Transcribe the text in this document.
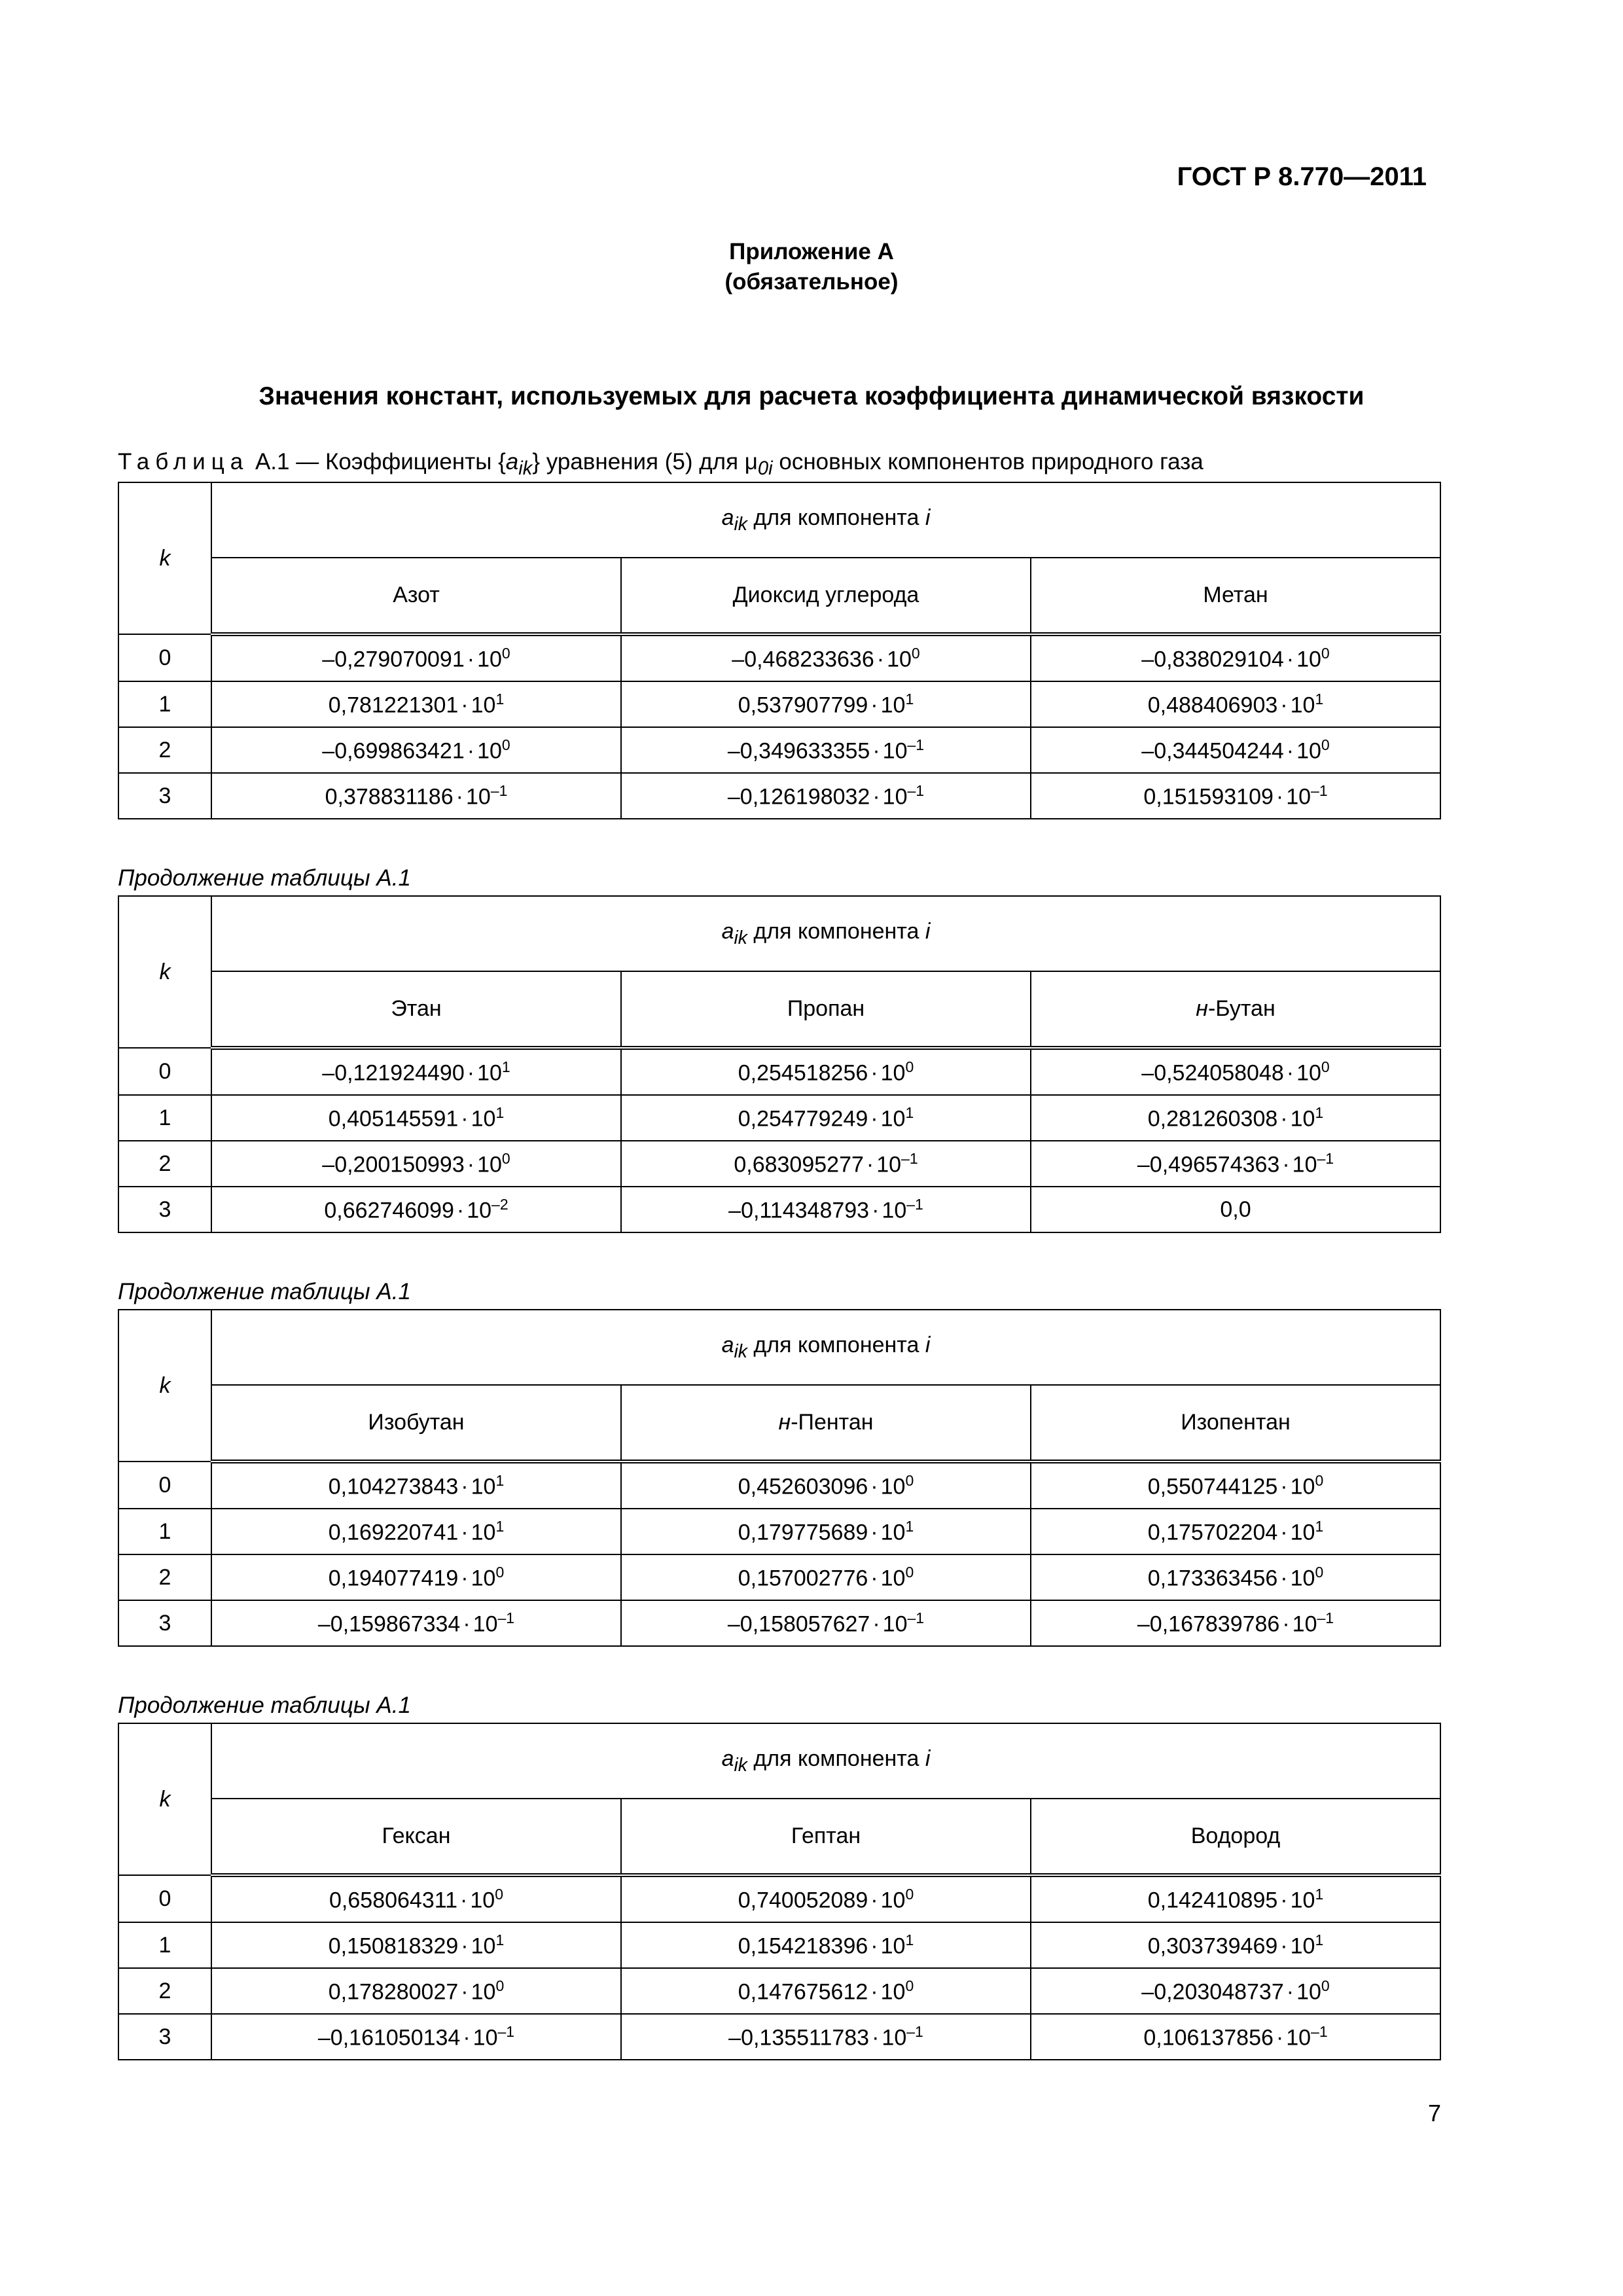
ГОСТ Р 8.770—2011
Приложение А
(обязательное)
Значения констант, используемых для расчета коэффициента динамической вязкости
Таблица А.1 — Коэффициенты $\{a_{ik}\}$ уравнения (5) для $\mu_{0i}$ основных компонентов природного газа
k	$a_{ik}$ для компонента i		
	Азот	Диоксид углерода	Метан
0	$-0,279070091 \cdot 10^0$	$-0,468233636 \cdot 10^0$	$-0,838029104 \cdot 10^0$
1	$0,781221301 \cdot 10^1$	$0,537907799 \cdot 10^1$	$0,488406903 \cdot 10^1$
2	$-0,699863421 \cdot 10^0$	$-0,349633355 \cdot 10^{-1}$	$-0,344504244 \cdot 10^0$
3	$0,378831186 \cdot 10^{-1}$	$-0,126198032 \cdot 10^{-1}$	$0,151593109 \cdot 10^{-1}$
Продолжение таблицы А.1
k	$a_{ik}$ для компонента i		
	Этан	Пропан	н-Бутан
0	$-0,121924490 \cdot 10^1$	$0,254518256 \cdot 10^0$	$-0,524058048 \cdot 10^0$
1	$0,405145591 \cdot 10^1$	$0,254779249 \cdot 10^1$	$0,281260308 \cdot 10^1$
2	$-0,200150993 \cdot 10^0$	$0,683095277 \cdot 10^{-1}$	$-0,496574363 \cdot 10^{-1}$
3	$0,662746099 \cdot 10^{-2}$	$-0,114348793 \cdot 10^{-1}$	0,0
Продолжение таблицы А.1
k	$a_{ik}$ для компонента i		
	Изобутан	н-Пентан	Изопентан
0	$0,104273843 \cdot 10^1$	$0,452603096 \cdot 10^0$	$0,550744125 \cdot 10^0$
1	$0,169220741 \cdot 10^1$	$0,179775689 \cdot 10^1$	$0,175702204 \cdot 10^1$
2	$0,194077419 \cdot 10^0$	$0,157002776 \cdot 10^0$	$0,173363456 \cdot 10^0$
3	$-0,159867334 \cdot 10^{-1}$	$-0,158057627 \cdot 10^{-1}$	$-0,167839786 \cdot 10^{-1}$
Продолжение таблицы А.1
k	$a_{ik}$ для компонента i		
	Гексан	Гептан	Водород
0	$0,658064311 \cdot 10^0$	$0,740052089 \cdot 10^0$	$0,142410895 \cdot 10^1$
1	$0,150818329 \cdot 10^1$	$0,154218396 \cdot 10^1$	$0,303739469 \cdot 10^1$
2	$0,178280027 \cdot 10^0$	$0,147675612 \cdot 10^0$	$-0,203048737 \cdot 10^0$
3	$-0,161050134 \cdot 10^{-1}$	$-0,135511783 \cdot 10^{-1}$	$0,106137856 \cdot 10^{-1}$
7
